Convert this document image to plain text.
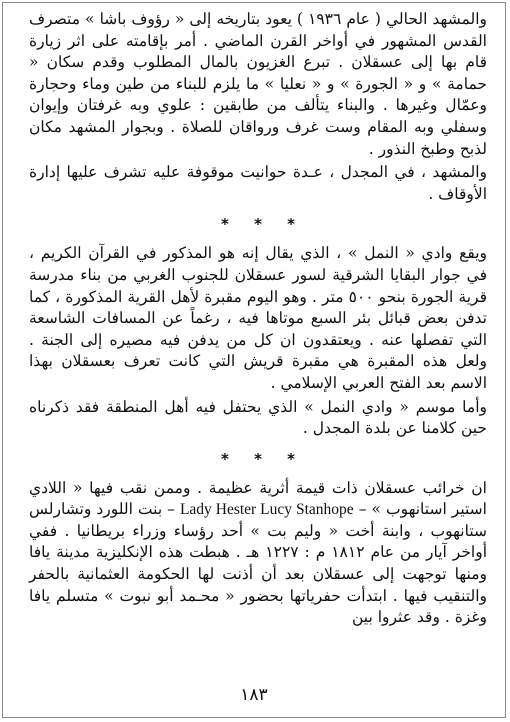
والمشهد الحالي ( عام ١٩٣٦ ) يعود بتاريخه إلى « رؤوف باشا » متصرف القدس المشهور في أواخر القرن الماضي . أمر بإقامته على اثر زيارة قام بها إلى عسقلان . تبرع الغزيون بالمال المطلوب وقدم سكان « حمامة » و « الجورة » و « نعليا » ما يلزم للبناء من طين وماء وحجارة وعمّال وغيرها . والبناء يتألف من طابقين : علوي وبه غرفتان وإيوان وسفلي وبه المقام وست غرف ورواقان للصلاة . وبجوار المشهد مكان لذبح وطبخ النذور .

والمشهد ، في المجدل ، عـدة حوانيت موقوفة عليه تشرف عليها إدارة الأوقاف .

* * *

ويقع وادي « النمل » ، الذي يقال إنه هو المذكور في القرآن الكريم ، في جوار البقايا الشرقية لسور عسقلان للجنوب الغربي من بناء مدرسة قرية الجورة بنحو ٥٠٠ متر . وهو اليوم مقبرة لأهل القرية المذكورة ، كما تدفن بعض قبائل بئر السبع موتاها فيه ، رغماً عن المسافات الشاسعة التي تفصلها عنه . ويعتقدون ان كل من يدفن فيه مصيره إلى الجنة . ولعل هذه المقبرة هي مقبرة قريش التي كانت تعرف بعسقلان بهذا الاسم بعد الفتح العربي الإسلامي .

وأما موسم « وادي النمل » الذي يحتفل فيه أهل المنطقة فقد ذكرناه حين كلامنا عن بلدة المجدل .

* * *

ان خرائب عسقلان ذات قيمة أثرية عظيمة . وممن نقب فيها « اللادي استير استانهوب » – Lady Hester Lucy Stanhope – بنت اللورد وتشارلس ستانهوب ، وابنة أخت « وليم بت » أحد رؤساء وزراء بريطانيا . ففي أواخر آيار من عام ١٨١٢ م : ١٢٢٧ هـ . هبطت هذه الإنكليزية مدينة يافا ومنها توجهت إلى عسقلان بعد أن أذنت لها الحكومة العثمانية بالحفر والتنقيب فيها . ابتدأت حفرياتها بحضور « محـمد أبو نبوت » متسلم يافا وغزة . وقد عثروا بين

١٨٣
